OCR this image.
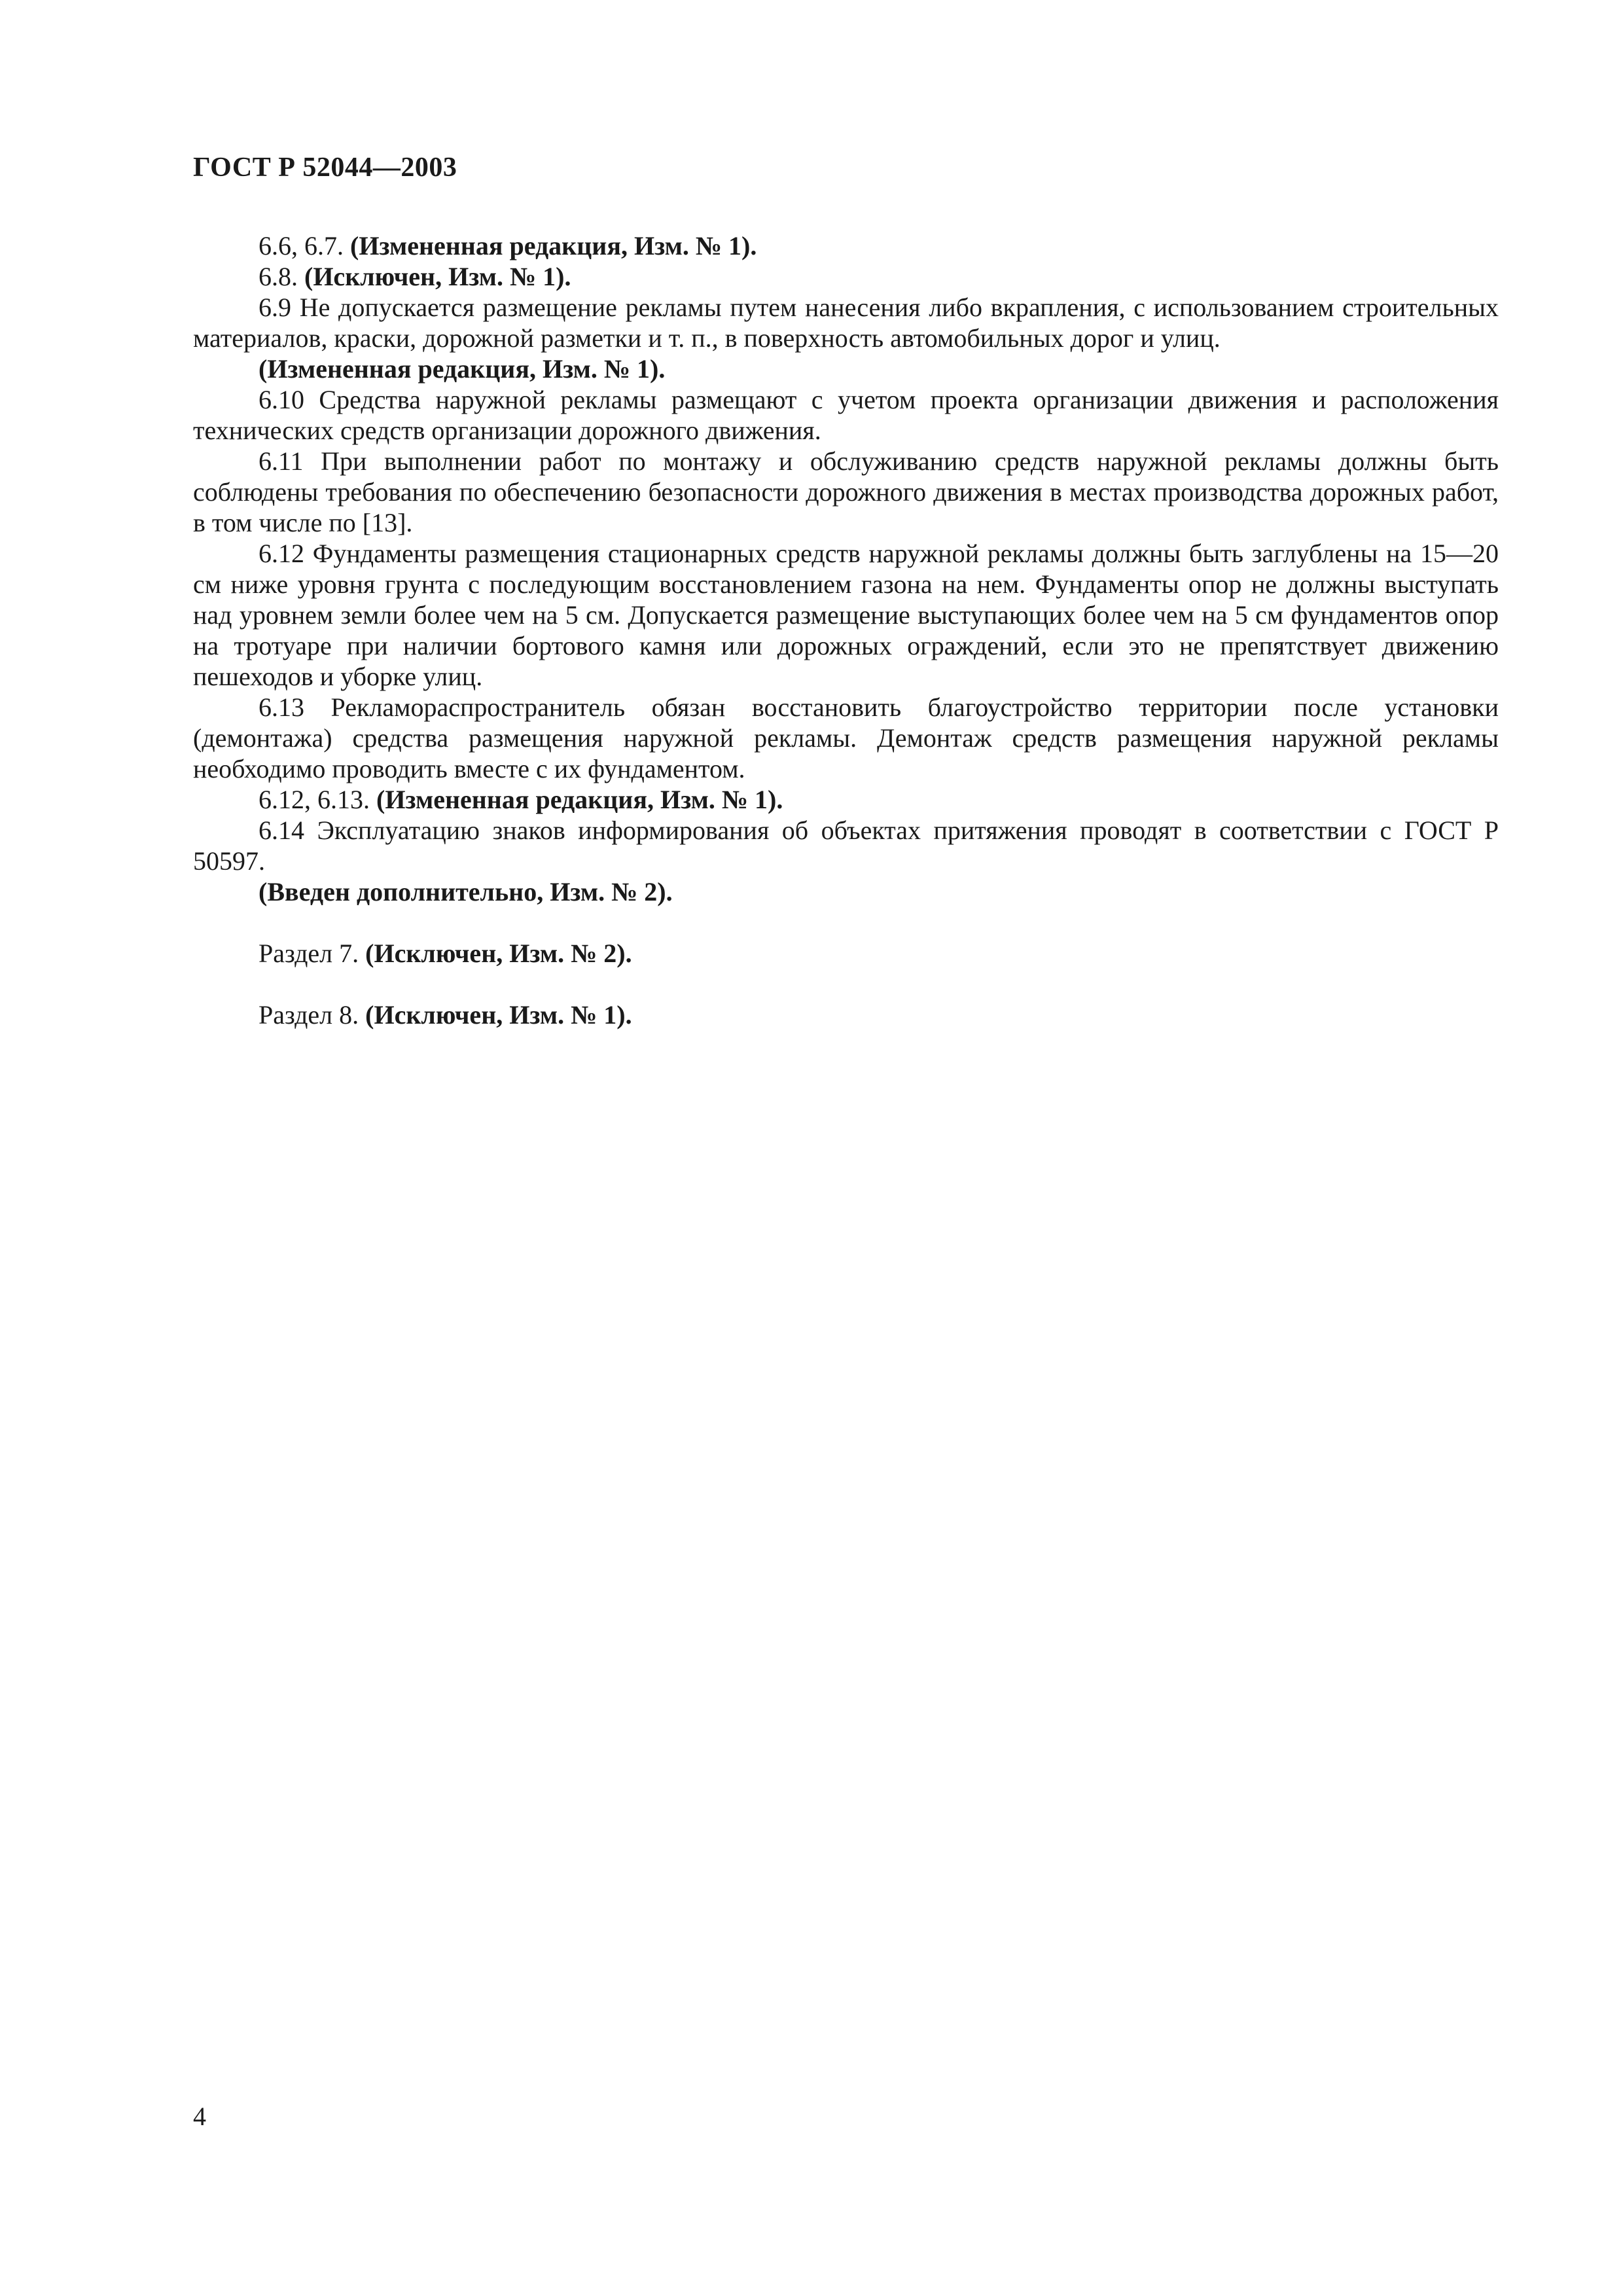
ГОСТ Р 52044—2003

6.6, 6.7. (Измененная редакция, Изм. № 1).

6.8. (Исключен, Изм. № 1).

6.9 Не допускается размещение рекламы путем нанесения либо вкрапления, с использованием строительных материалов, краски, дорожной разметки и т. п., в поверхность автомобильных дорог и улиц.

(Измененная редакция, Изм. № 1).

6.10 Средства наружной рекламы размещают с учетом проекта организации движения и расположения технических средств организации дорожного движения.

6.11 При выполнении работ по монтажу и обслуживанию средств наружной рекламы должны быть соблюдены требования по обеспечению безопасности дорожного движения в местах производства дорожных работ, в том числе по [13].

6.12 Фундаменты размещения стационарных средств наружной рекламы должны быть заглублены на 15—20 см ниже уровня грунта с последующим восстановлением газона на нем. Фундаменты опор не должны выступать над уровнем земли более чем на 5 см. Допускается размещение выступающих более чем на 5 см фундаментов опор на тротуаре при наличии бортового камня или дорожных ограждений, если это не препятствует движению пешеходов и уборке улиц.

6.13 Рекламораспространитель обязан восстановить благоустройство территории после установки (демонтажа) средства размещения наружной рекламы. Демонтаж средств размещения наружной рекламы необходимо проводить вместе с их фундаментом.

6.12, 6.13. (Измененная редакция, Изм. № 1).

6.14 Эксплуатацию знаков информирования об объектах притяжения проводят в соответствии с ГОСТ Р 50597.

(Введен дополнительно, Изм. № 2).

Раздел 7. (Исключен, Изм. № 2).

Раздел 8. (Исключен, Изм. № 1).

4
